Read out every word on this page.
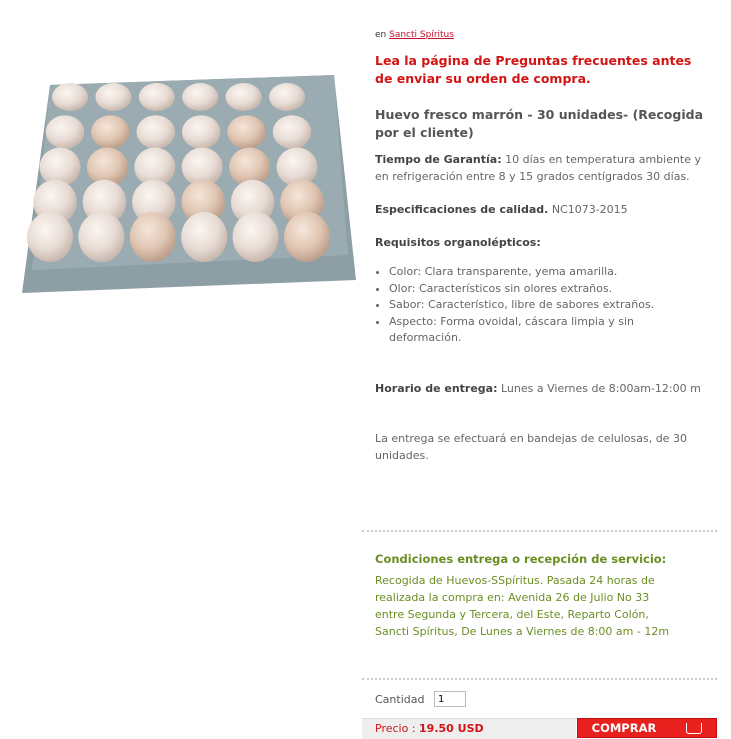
en Sancti Spíritus
Lea la página de Preguntas frecuentes antes de enviar su orden de compra.
Huevo fresco marrón - 30 unidades- (Recogida por el cliente)
Tiempo de Garantía: 10 días en temperatura ambiente y en refrigeración entre 8 y 15 grados centígrados 30 días.
Especificaciones de calidad. NC1073-2015
Requisitos organolépticos:
• Color: Clara transparente, yema amarilla.
• Olor: Característicos sin olores extraños.
• Sabor: Característico, libre de sabores extraños.
• Aspecto: Forma ovoidal, cáscara limpia y sin deformación.
Horario de entrega: Lunes a Viernes de 8:00am-12:00 m
La entrega se efectuará en bandejas de celulosas, de 30 unidades.
Condiciones entrega o recepción de servicio:
Recogida de Huevos-SSpíritus. Pasada 24 horas de realizada la compra en: Avenida 26 de Julio No 33 entre Segunda y Tercera, del Este, Reparto Colón, Sancti Spíritus, De Lunes a Viernes de 8:00 am - 12m
Cantidad
1
Precio : 19.50 USD	COMPRAR
